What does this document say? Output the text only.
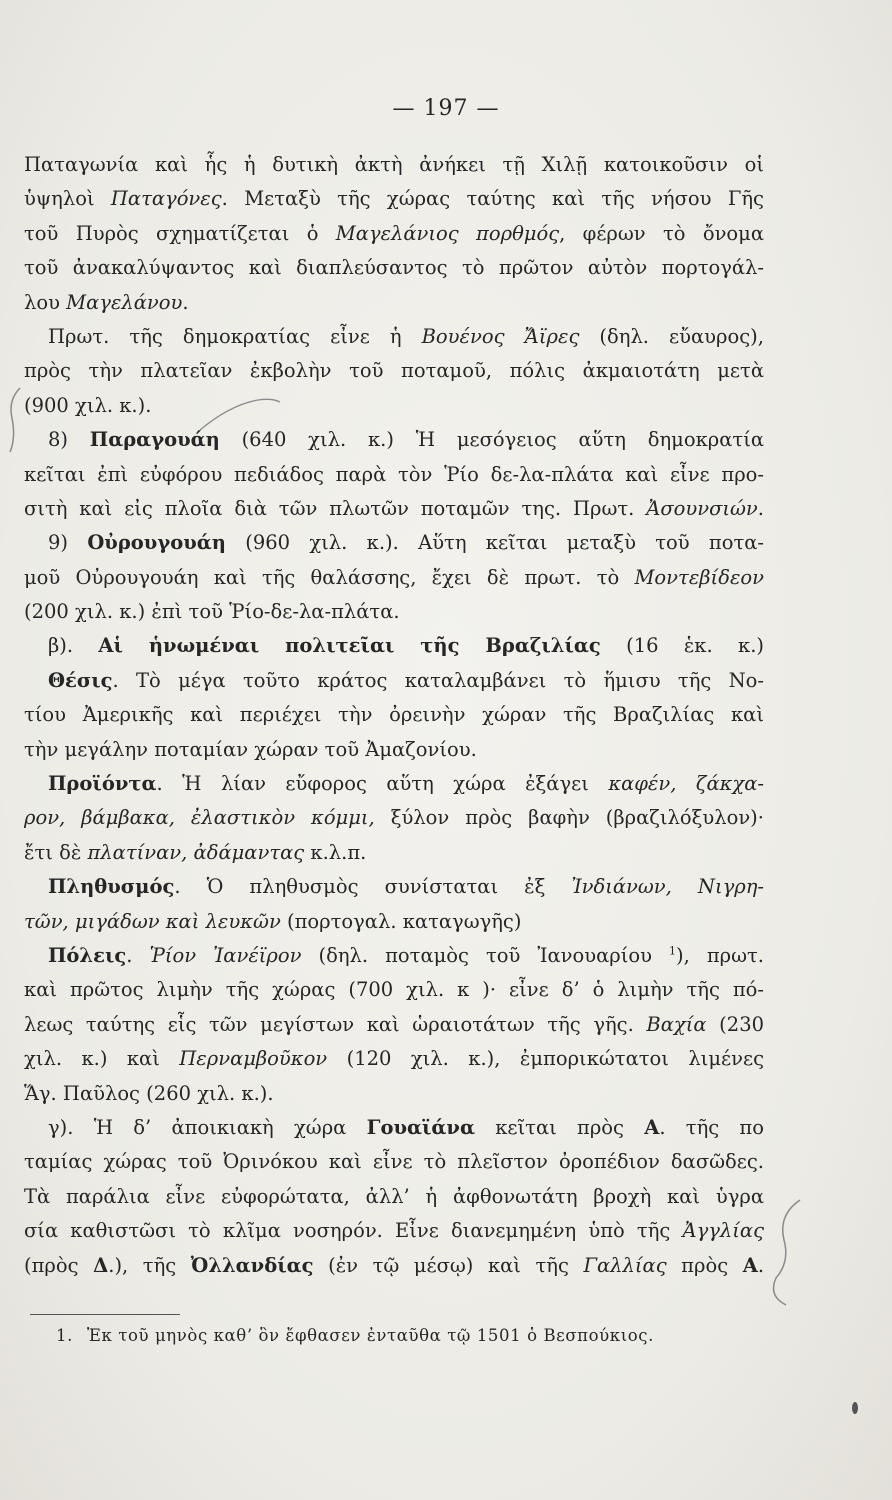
— 197 —
Παταγωνία καὶ ἧς ἡ δυτικὴ ἀκτὴ ἀνήκει τῇ Χιλῇ κατοικοῦσιν οἱ
ὑψηλοὶ Παταγόνες. Μεταξὺ τῆς χώρας ταύτης καὶ τῆς νήσου Γῆς
τοῦ Πυρὸς σχηματίζεται ὁ Μαγελάνιος πορθμός, φέρων τὸ ὄνομα
τοῦ ἀνακαλύψαντος καὶ διαπλεύσαντος τὸ πρῶτον αὐτὸν πορτογάλ-
λου Μαγελάνου.
Πρωτ. τῆς δημοκρατίας εἶνε ἡ Βουένος Ἄϊρες (δηλ. εὔαυρος),
πρὸς τὴν πλατεῖαν ἐκβολὴν τοῦ ποταμοῦ, πόλις ἀκμαιοτάτη μετὰ
(900 χιλ. κ.).
8) Παραγουάη (640 χιλ. κ.) Ἡ μεσόγειος αὕτη δημοκρατία
κεῖται ἐπὶ εὐφόρου πεδιάδος παρὰ τὸν Ῥίο δε-λα-πλάτα καὶ εἶνε προ-
σιτὴ καὶ εἰς πλοῖα διὰ τῶν πλωτῶν ποταμῶν της. Πρωτ. Ἀσουνσιών.
9) Οὐρουγουάη (960 χιλ. κ.). Αὕτη κεῖται μεταξὺ τοῦ ποτα-
μοῦ Οὐρουγουάη καὶ τῆς θαλάσσης, ἔχει δὲ πρωτ. τὸ Μοντεβίδεον
(200 χιλ. κ.) ἐπὶ τοῦ Ῥίο-δε-λα-πλάτα.
β). Αἱ ἡνωμέναι πολιτεῖαι τῆς Βραζιλίας (16 ἑκ. κ.)
Θέσις. Τὸ μέγα τοῦτο κράτος καταλαμβάνει τὸ ἥμισυ τῆς Νο-
τίου Ἀμερικῆς καὶ περιέχει τὴν ὀρεινὴν χώραν τῆς Βραζιλίας καὶ
τὴν μεγάλην ποταμίαν χώραν τοῦ Ἀμαζονίου.
Προϊόντα. Ἡ λίαν εὔφορος αὕτη χώρα ἐξάγει καφέν, ζάκχα-
ρον, βάμβακα, ἐλαστικὸν κόμμι, ξύλον πρὸς βαφὴν (βραζιλόξυλον)·
ἔτι δὲ πλατίναν, ἀδάμαντας κ.λ.π.
Πληθυσμός. Ὁ πληθυσμὸς συνίσταται ἐξ Ἰνδιάνων, Νιγρη-
τῶν, μιγάδων καὶ λευκῶν (πορτογαλ. καταγωγῆς)
Πόλεις. Ῥίον Ἰανέϊρον (δηλ. ποταμὸς τοῦ Ἰανουαρίου $^1$), πρωτ.
καὶ πρῶτος λιμὴν τῆς χώρας (700 χιλ. κ )· εἶνε δ’ ὁ λιμὴν τῆς πό-
λεως ταύτης εἷς τῶν μεγίστων καὶ ὡραιοτάτων τῆς γῆς. Βαχία (230
χιλ. κ.) καὶ Περναμβοῦκον (120 χιλ. κ.), ἐμπορικώτατοι λιμένες
Ἅγ. Παῦλος (260 χιλ. κ.).
γ). Ἡ δ’ ἀποικιακὴ χώρα Γουαϊάνα κεῖται πρὸς Α. τῆς πο
ταμίας χώρας τοῦ Ὀρινόκου καὶ εἶνε τὸ πλεῖστον ὀροπέδιον δασῶδες.
Τὰ παράλια εἶνε εὐφορώτατα, ἀλλ’ ἡ ἀφθονωτάτη βροχὴ καὶ ὑγρα
σία καθιστῶσι τὸ κλῖμα νοσηρόν. Εἶνε διανεμημένη ὑπὸ τῆς Ἀγγλίας
(πρὸς Δ.), τῆς Ὀλλανδίας (ἐν τῷ μέσῳ) καὶ τῆς Γαλλίας πρὸς Α.
1. Ἐκ τοῦ μηνὸς καθ’ ὃν ἔφθασεν ἐνταῦθα τῷ 1501 ὁ Βεσπούκιος.
